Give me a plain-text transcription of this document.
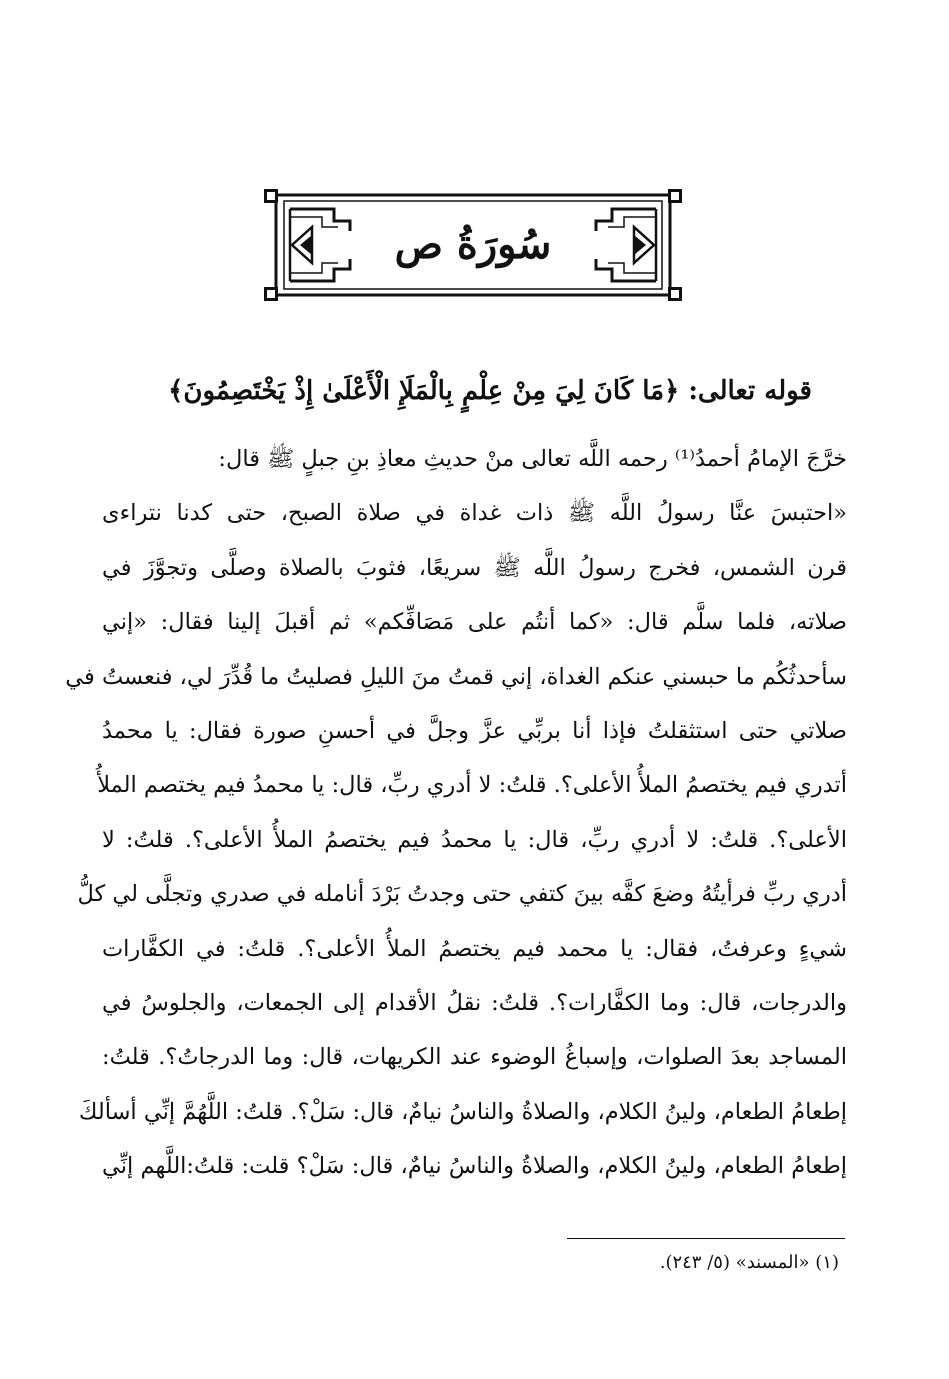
سُورَةُ ص
قوله تعالى: ﴿مَا كَانَ لِيَ مِنْ عِلْمٍ بِالْمَلَإِ الْأَعْلَىٰ إِذْ يَخْتَصِمُونَ﴾
خرَّجَ الإمامُ أحمدُ⁽¹⁾ رحمه اللَّه تعالى منْ حديثِ معاذِ بنِ جبلٍ ﷺ قال:
«احتبسَ عنَّا رسولُ اللَّه ﷺ ذات غداة في صلاة الصبح، حتى كدنا نتراءى
قرن الشمس، فخرج رسولُ اللَّه ﷺ سريعًا، فثوبَ بالصلاة وصلَّى وتجوَّزَ في
صلاته، فلما سلَّم قال: «كما أنتُم على مَصَافِّكم» ثم أقبلَ إلينا فقال: «إني
سأحدثُكُم ما حبسني عنكم الغداة، إني قمتُ منَ الليلِ فصليتُ ما قُدِّرَ لي، فنعستُ في
صلاتي حتى استثقلتُ فإذا أنا بربِّي عزَّ وجلَّ في أحسنِ صورة فقال: يا محمدُ
أتدري فيم يختصمُ الملأُ الأعلى؟. قلتُ: لا أدري ربِّ، قال: يا محمدُ فيم يختصم الملأُ
الأعلى؟. قلتُ: لا أدري ربِّ، قال: يا محمدُ فيم يختصمُ الملأُ الأعلى؟. قلتُ: لا
أدري ربِّ فرأيتُهُ وضعَ كفَّه بينَ كتفي حتى وجدتُ بَرْدَ أنامله في صدري وتجلَّى لي كلُّ
شيءٍ وعرفتُ، فقال: يا محمد فيم يختصمُ الملأُ الأعلى؟. قلتُ: في الكفَّارات
والدرجات، قال: وما الكفَّارات؟. قلتُ: نقلُ الأقدام إلى الجمعات، والجلوسُ في
المساجد بعدَ الصلوات، وإسباغُ الوضوء عند الكريهات، قال: وما الدرجاتُ؟. قلتُ:
إطعامُ الطعام، ولينُ الكلام، والصلاةُ والناسُ نيامٌ، قال: سَلْ؟. قلتُ: اللَّهُمَّ إنِّي أسألكَ
إطعامُ الطعام، ولينُ الكلام، والصلاةُ والناسُ نيامٌ، قال: سَلْ؟ قلت: قلتُ:اللَّهم إنِّي
(١) «المسند» (٥/ ٢٤٣).
